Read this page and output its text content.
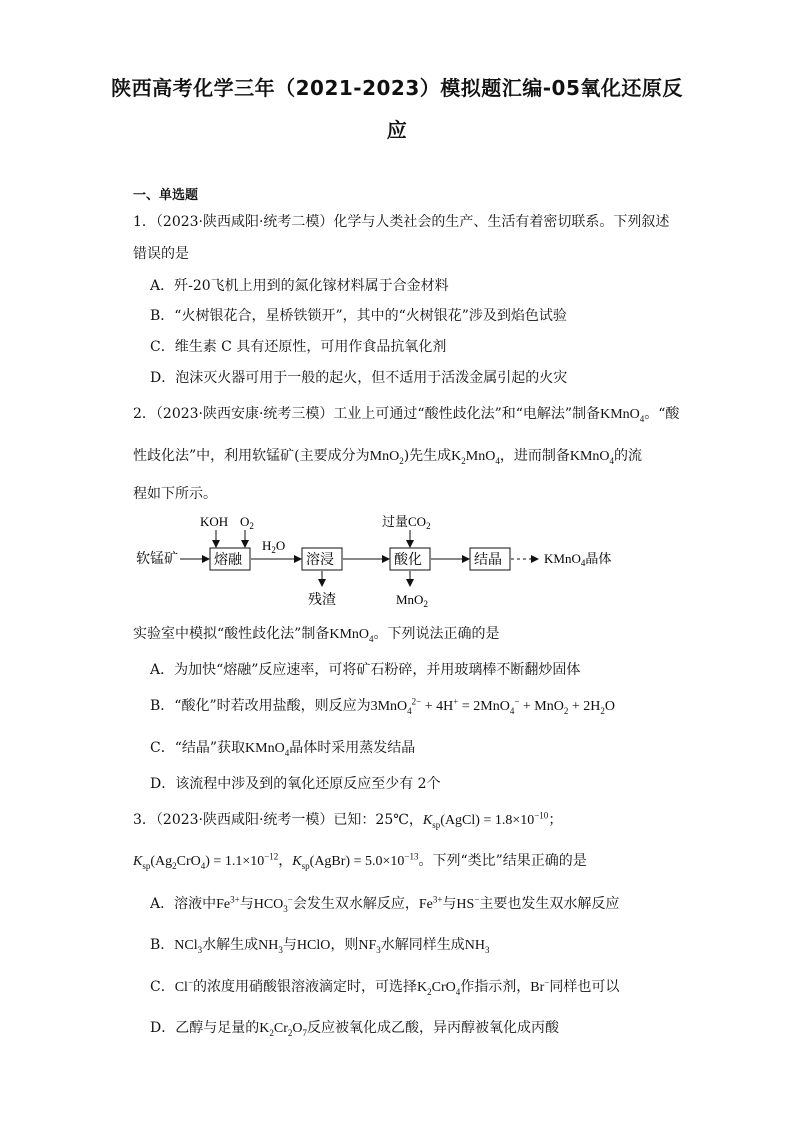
陕西高考化学三年（2021-2023）模拟题汇编-05氧化还原反
应
一、单选题
1．（2023·陕西咸阳·统考二模）化学与人类社会的生产、生活有着密切联系。下列叙述
错误的是
A．歼-20飞机上用到的氮化镓材料属于合金材料
B．“火树银花合，星桥铁锁开”，其中的“火树银花”涉及到焰色试验
C．维生素 C 具有还原性，可用作食品抗氧化剂
D．泡沫灭火器可用于一般的起火，但不适用于活泼金属引起的火灾
2．（2023·陕西安康·统考三模）工业上可通过“酸性歧化法”和“电解法”制备KMnO$_4$。“酸
性歧化法”中，利用软锰矿(主要成分为MnO$_2$)先生成$K_2MnO_4$，进而制备KMnO$_4$的流
程如下所示。
软锰矿	熔融
KOH $O_2$
$H_2O$
溶浸
残渣
酸化
过量$CO_2$
MnO$_2$
结晶	KMnO$_4$晶体
实验室中模拟“酸性歧化法”制备KMnO$_4$。下列说法正确的是
A．为加快“熔融”反应速率，可将矿石粉碎，并用玻璃棒不断翻炒固体
B．“酸化”时若改用盐酸，则反应为$3MnO_4^{2-} + 4H^+ = 2MnO_4^- + MnO_2 + 2H_2O$
C．“结晶”获取KMnO$_4$晶体时采用蒸发结晶
D．该流程中涉及到的氧化还原反应至少有 2个
3．（2023·陕西咸阳·统考一模）已知：25℃，$K_{sp}(AgCl) = 1.8\times 10^{-10}$；
$K_{sp}(Ag_2CrO_4) = 1.1\times 10^{-12}$，$K_{sp}(AgBr) = 5.0\times 10^{-13}$。下列“类比”结果正确的是
A．溶液中$Fe^{3+}$与$HCO_3^-$会发生双水解反应，$Fe^{3+}$与HS−主要也发生双水解反应
B．NCl$_3$水解生成$NH_3$与HClO，则$NF_3$水解同样生成$NH_3$
C．Cl−的浓度用硝酸银溶液滴定时，可选择$K_2CrO_4$作指示剂，Br−同样也可以
D．乙醇与足量的$K_2Cr_2O_7$反应被氧化成乙酸，异丙醇被氧化成丙酸
